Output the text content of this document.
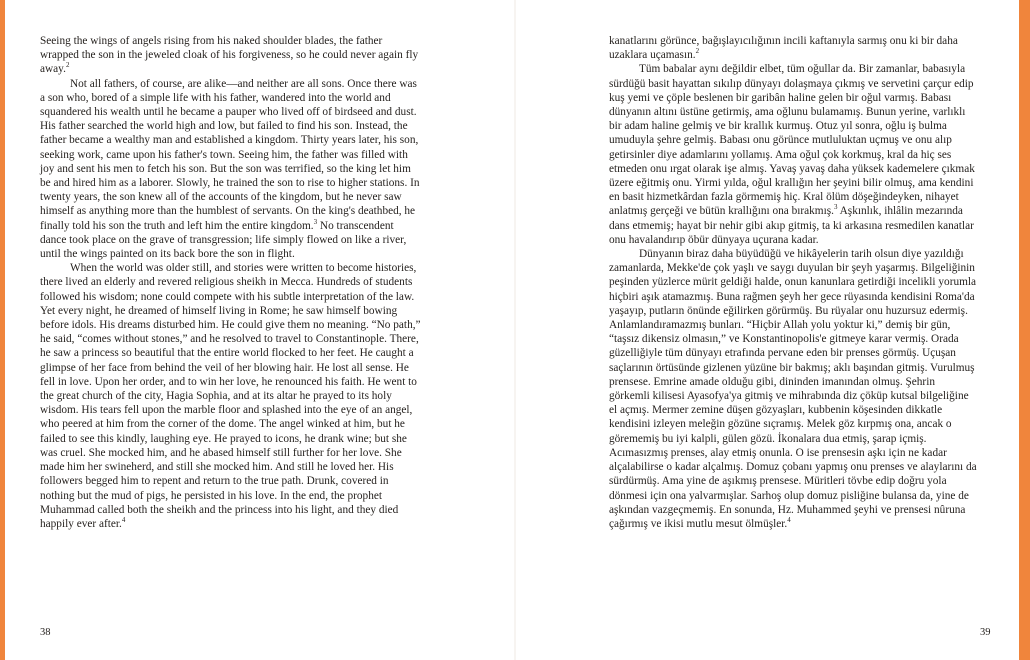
Seeing the wings of angels rising from his naked shoulder blades, the father wrapped the son in the jeweled cloak of his forgiveness, so he could never again fly away.$^2$

Not all fathers, of course, are alike—and neither are all sons. Once there was a son who, bored of a simple life with his father, wandered into the world and squandered his wealth until he became a pauper who lived off of birdseed and dust. His father searched the world high and low, but failed to find his son. Instead, the father became a wealthy man and established a kingdom. Thirty years later, his son, seeking work, came upon his father's town. Seeing him, the father was filled with joy and sent his men to fetch his son. But the son was terrified, so the king let him be and hired him as a laborer. Slowly, he trained the son to rise to higher stations. In twenty years, the son knew all of the accounts of the kingdom, but he never saw himself as anything more than the humblest of servants. On the king's deathbed, he finally told his son the truth and left him the entire kingdom.$^3$ No transcendent dance took place on the grave of transgression; life simply flowed on like a river, until the wings painted on its back bore the son in flight.

When the world was older still, and stories were written to become histories, there lived an elderly and revered religious sheikh in Mecca. Hundreds of students followed his wisdom; none could compete with his subtle interpretation of the law. Yet every night, he dreamed of himself living in Rome; he saw himself bowing before idols. His dreams disturbed him. He could give them no meaning. “No path,” he said, “comes without stones,” and he resolved to travel to Constantinople. There, he saw a princess so beautiful that the entire world flocked to her feet. He caught a glimpse of her face from behind the veil of her blowing hair. He lost all sense. He fell in love. Upon her order, and to win her love, he renounced his faith. He went to the great church of the city, Hagia Sophia, and at its altar he prayed to its holy wisdom. His tears fell upon the marble floor and splashed into the eye of an angel, who peered at him from the corner of the dome. The angel winked at him, but he failed to see this kindly, laughing eye. He prayed to icons, he drank wine; but she was cruel. She mocked him, and he abased himself still further for her love. She made him her swineherd, and still she mocked him. And still he loved her. His followers begged him to repent and return to the true path. Drunk, covered in nothing but the mud of pigs, he persisted in his love. In the end, the prophet Muhammad called both the sheikh and the princess into his light, and they died happily ever after.$^4$

kanatlarını görünce, bağışlayıcılığının incili kaftanıyla sarmış onu ki bir daha uzaklara uçamasın.$^2$

Tüm babalar aynı değildir elbet, tüm oğullar da. Bir zamanlar, babasıyla sürdüğü basit hayattan sıkılıp dünyayı dolaşmaya çıkmış ve servetini çarçur edip kuş yemi ve çöple beslenen bir garibân haline gelen bir oğul varmış. Babası dünyanın altını üstüne getirmiş, ama oğlunu bulamamış. Bunun yerine, varlıklı bir adam haline gelmiş ve bir krallık kurmuş. Otuz yıl sonra, oğlu iş bulma umuduyla şehre gelmiş. Babası onu görünce mutluluktan uçmuş ve onu alıp getirsinler diye adamlarını yollamış. Ama oğul çok korkmuş, kral da hiç ses etmeden onu ırgat olarak işe almış. Yavaş yavaş daha yüksek kademelere çıkmak üzere eğitmiş onu. Yirmi yılda, oğul krallığın her şeyini bilir olmuş, ama kendini en basit hizmetkârdan fazla görmemiş hiç. Kral ölüm döşeğindeyken, nihayet anlatmış gerçeği ve bütün krallığını ona bırakmış.$^3$ Aşkınlık, ihlâlin mezarında dans etmemiş; hayat bir nehir gibi akıp gitmiş, ta ki arkasına resmedilen kanatlar onu havalandırıp öbür dünyaya uçurana kadar.

Dünyanın biraz daha büyüdüğü ve hikâyelerin tarih olsun diye yazıldığı zamanlarda, Mekke'de çok yaşlı ve saygı duyulan bir şeyh yaşarmış. Bilgeliğinin peşinden yüzlerce mürit geldiği halde, onun kanunlara getirdiği incelikli yorumla hiçbiri aşık atamazmış. Buna rağmen şeyh her gece rüyasında kendisini Roma'da yaşayıp, putların önünde eğilirken görürmüş. Bu rüyalar onu huzursuz edermiş. Anlamlandıramazmış bunları. “Hiçbir Allah yolu yoktur ki,” demiş bir gün, “taşsız dikensiz olmasın,” ve Konstantinopolis'e gitmeye karar vermiş. Orada güzelliğiyle tüm dünyayı etrafında pervane eden bir prenses görmüş. Uçuşan saçlarının örtüsünde gizlenen yüzüne bir bakmış; aklı başından gitmiş. Vurulmuş prensese. Emrine amade olduğu gibi, dininden imanından olmuş. Şehrin görkemli kilisesi Ayasofya'ya gitmiş ve mihrabında diz çöküp kutsal bilgeliğine el açmış. Mermer zemine düşen gözyaşları, kubbenin köşesinden dikkatle kendisini izleyen meleğin gözüne sıçramış. Melek göz kırpmış ona, ancak o görememiş bu iyi kalpli, gülen gözü. İkonalara dua etmiş, şarap içmiş. Acımasızmış prenses, alay etmiş onunla. O ise prensesin aşkı için ne kadar alçalabilirse o kadar alçalmış. Domuz çobanı yapmış onu prenses ve alaylarını da sürdürmüş. Ama yine de aşıkmış prensese. Müritleri tövbe edip doğru yola dönmesi için ona yalvarmışlar. Sarhoş olup domuz pisliğine bulansa da, yine de aşkından vazgeçmemiş. En sonunda, Hz. Muhammed şeyhi ve prensesi nûruna çağırmış ve ikisi mutlu mesut ölmüşler.$^4$

38	39
